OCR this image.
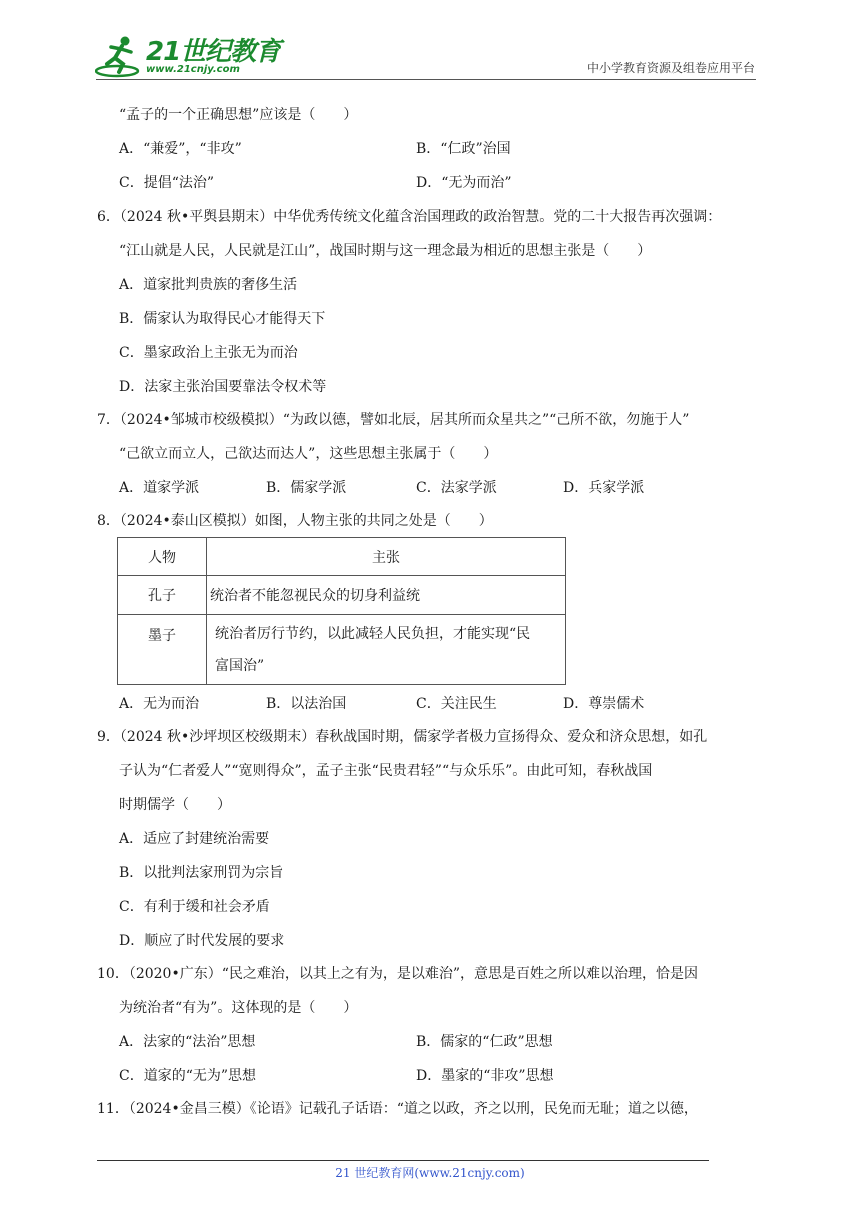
21世纪教育
www.21cnjy.com	中小学教育资源及组卷应用平台
“孟子的一个正确思想”应该是（　　）
A．“兼爱”，“非攻”	B．“仁政”治国
C．提倡“法治”	D．“无为而治”
6．（2024 秋•平舆县期末）中华优秀传统文化蕴含治国理政的政治智慧。党的二十大报告再次强调：
“江山就是人民，人民就是江山”，战国时期与这一理念最为相近的思想主张是（　　）
A．道家批判贵族的奢侈生活
B．儒家认为取得民心才能得天下
C．墨家政治上主张无为而治
D．法家主张治国要靠法令权术等
7．（2024•邹城市校级模拟）“为政以德，譬如北辰，居其所而众星共之”“己所不欲，勿施于人”
“己欲立而立人，己欲达而达人”，这些思想主张属于（　　）
A．道家学派	B．儒家学派	C．法家学派	D．兵家学派
8．（2024•泰山区模拟）如图，人物主张的共同之处是（　　）
人物	主张
孔子	统治者不能忽视民众的切身利益统
墨子	统治者厉行节约，以此减轻人民负担，才能实现“民
富国治”
A．无为而治	B．以法治国	C．关注民生	D．尊崇儒术
9．（2024 秋•沙坪坝区校级期末）春秋战国时期，儒家学者极力宣扬得众、爱众和济众思想，如孔
子认为“仁者爱人”“宽则得众”，孟子主张“民贵君轻”“与众乐乐”。由此可知，春秋战国
时期儒学（　　）
A．适应了封建统治需要
B．以批判法家刑罚为宗旨
C．有利于缓和社会矛盾
D．顺应了时代发展的要求
10．（2020•广东）“民之难治，以其上之有为，是以难治”，意思是百姓之所以难以治理，恰是因
为统治者“有为”。这体现的是（　　）
A．法家的“法治”思想	B．儒家的“仁政”思想
C．道家的“无为”思想	D．墨家的“非攻”思想
11．（2024•金昌三模）《论语》记载孔子话语：“道之以政，齐之以刑，民免而无耻；道之以德，
21 世纪教育网(www.21cnjy.com)
